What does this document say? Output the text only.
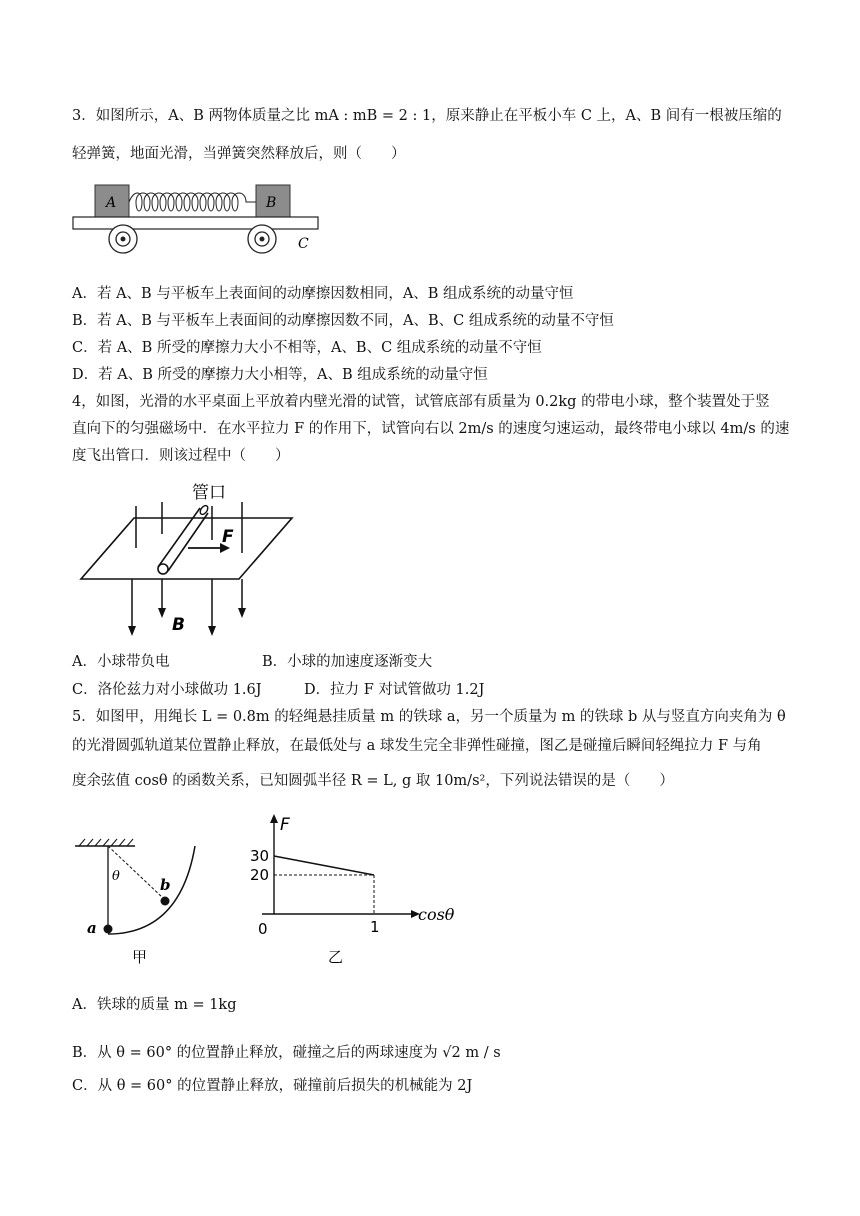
3．如图所示，A、B 两物体质量之比 mA : mB = 2 : 1，原来静止在平板小车 C 上，A、B 间有一根被压缩的
轻弹簧，地面光滑，当弹簧突然释放后，则（　　）
A	B
C
A．若 A、B 与平板车上表面间的动摩擦因数相同，A、B 组成系统的动量守恒
B．若 A、B 与平板车上表面间的动摩擦因数不同，A、B、C 组成系统的动量不守恒
C．若 A、B 所受的摩擦力大小不相等，A、B、C 组成系统的动量不守恒
D．若 A、B 所受的摩擦力大小相等，A、B 组成系统的动量守恒
4，如图，光滑的水平桌面上平放着内壁光滑的试管，试管底部有质量为 0.2kg 的带电小球，整个装置处于竖
直向下的匀强磁场中．在水平拉力 F 的作用下，试管向右以 2m/s 的速度匀速运动，最终带电小球以 4m/s 的速
度飞出管口．则该过程中（　　）
F
管口
B
A．小球带负电	B．小球的加速度逐渐变大
C．洛伦兹力对小球做功 1.6J	D．拉力 F 对试管做功 1.2J
5．如图甲，用绳长 L = 0.8m 的轻绳悬挂质量 m 的铁球 a，另一个质量为 m 的铁球 b 从与竖直方向夹角为 θ
的光滑圆弧轨道某位置静止释放，在最低处与 a 球发生完全非弹性碰撞，图乙是碰撞后瞬间轻绳拉力 F 与角
度余弦值 cosθ 的函数关系，已知圆弧半径 R = L, g 取 10m/s²，下列说法错误的是（　　）
θ	b
a
甲
F
cosθ
30
20
0	1
乙
A．铁球的质量 m = 1kg
B．从 θ = 60° 的位置静止释放，碰撞之后的两球速度为 √2 m / s
C．从 θ = 60° 的位置静止释放，碰撞前后损失的机械能为 2J
